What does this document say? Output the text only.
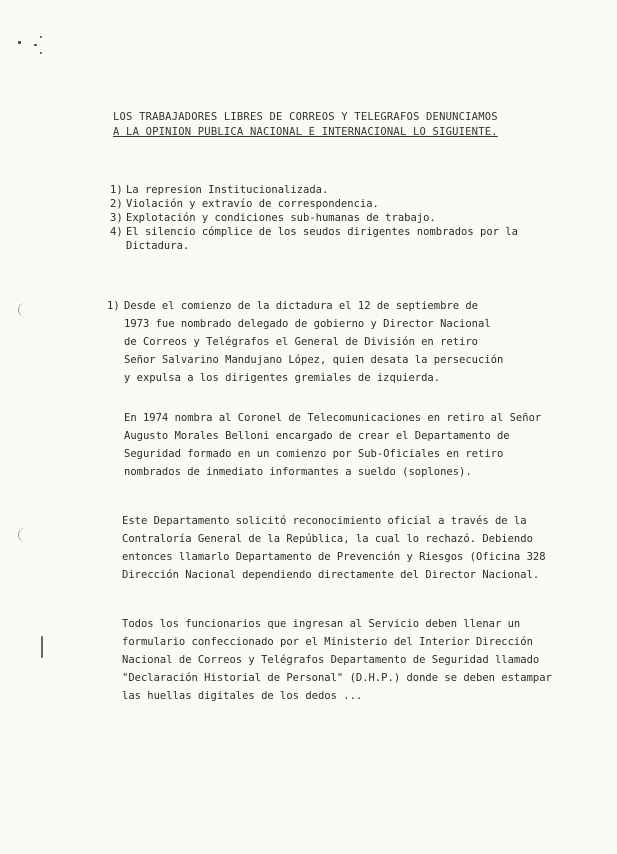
LOS TRABAJADORES LIBRES DE CORREOS Y TELEGRAFOS DENUNCIAMOS
A LA OPINION PUBLICA NACIONAL E INTERNACIONAL LO SIGUIENTE.
1) La represion Institucionalizada.
2) Violación y extravío de correspondencia.
3) Explotación y condiciones sub-humanas de trabajo.
4) El silencio cómplice de los seudos dirigentes nombrados por la Dictadura.
1) Desde el comienzo de la dictadura el 12 de septiembre de 1973 fue nombrado delegado de gobierno y Director Nacional de Correos y Telégrafos el General de División en retiro Señor Salvarino Mandujano López, quien desata la persecución y expulsa a los dirigentes gremiales de izquierda.
En 1974 nombra al Coronel de Telecomunicaciones en retiro al Señor Augusto Morales Belloni encargado de crear el Departamento de Seguridad formado en un comienzo por Sub-Oficiales en retiro nombrados de inmediato informantes a sueldo (soplones).
Este Departamento solicitó reconocimiento oficial a través de la Contraloría General de la República, la cual lo rechazó. Debiendo entonces llamarlo Departamento de Prevención y Riesgos (Oficina 328 Dirección Nacional dependiendo directamente del Director Nacional.
Todos los funcionarios que ingresan al Servicio deben llenar un formulario confeccionado por el Ministerio del Interior Dirección Nacional de Correos y Telégrafos Departamento de Seguridad llamado "Declaración Historial de Personal" (D.H.P.) donde se deben estampar las huellas digitales de los dedos ...
